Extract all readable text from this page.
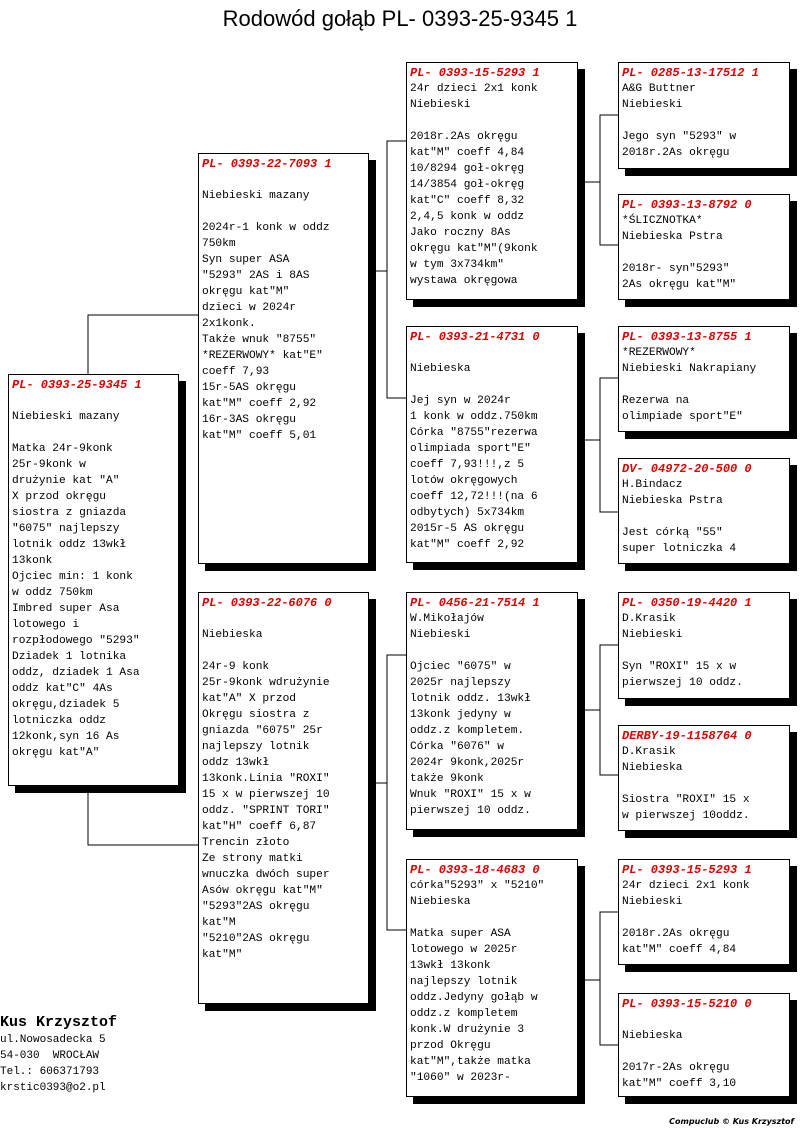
Rodowód gołąb PL- 0393-25-9345 1
PL- 0393-25-9345 1

Niebieski mazany

Matka 24r-9konk
25r-9konk w
drużynie kat "A"
X przod okręgu
siostra z gniazda
"6075" najlepszy
lotnik oddz 13wkł
13konk
Ojciec min: 1 konk
w oddz 750km
Imbred super Asa
lotowego i
rozpłodowego "5293"
Dziadek 1 lotnika
oddz, dziadek 1 Asa
oddz kat"C" 4As
okręgu,dziadek 5
lotniczka oddz
12konk,syn 16 As
okręgu kat"A"
PL- 0393-22-7093 1

Niebieski mazany

2024r-1 konk w oddz
750km
Syn super ASA
"5293" 2AS i 8AS
okręgu kat"M"
dzieci w 2024r
2x1konk.
Także wnuk "8755"
*REZERWOWY* kat"E"
coeff 7,93
15r-5AS okręgu
kat"M" coeff 2,92
16r-3AS okręgu
kat"M" coeff 5,01
PL- 0393-22-6076 0

Niebieska

24r-9 konk
25r-9konk wdrużynie
kat"A" X przod
Okręgu siostra z
gniazda "6075" 25r
najlepszy lotnik
oddz 13wkł
13konk.Linia "ROXI"
15 x w pierwszej 10
oddz. "SPRINT TORI"
kat"H" coeff 6,87
Trencin złoto
Ze strony matki
wnuczka dwóch super
Asów okręgu kat"M"
"5293"2AS okręgu
kat"M
"5210"2AS okręgu
kat"M"
PL- 0393-15-5293 1
24r dzieci 2x1 konk
Niebieski

2018r.2As okręgu
kat"M" coeff 4,84
10/8294 goł-okręg
14/3854 goł-okręg
kat"C" coeff 8,32
2,4,5 konk w oddz
Jako roczny 8As
okręgu kat"M"(9konk
w tym 3x734km"
wystawa okręgowa
PL- 0393-21-4731 0

Niebieska

Jej syn w 2024r
1 konk w oddz.750km
Córka "8755"rezerwa
olimpiada sport"E"
coeff 7,93!!!,z 5
lotów okręgowych
coeff 12,72!!!(na 6
odbytych) 5x734km
2015r-5 AS okręgu
kat"M" coeff 2,92
PL- 0456-21-7514 1
W.Mikołajów
Niebieski

Ojciec "6075" w
2025r najlepszy
lotnik oddz. 13wkł
13konk jedyny w
oddz.z kompletem.
Córka "6076" w
2024r 9konk,2025r
także 9konk
Wnuk "ROXI" 15 x w
pierwszej 10 oddz.
PL- 0393-18-4683 0
córka"5293" x "5210"
Niebieska

Matka super ASA
lotowego w 2025r
13wkł 13konk
najlepszy lotnik
oddz.Jedyny gołąb w
oddz.z kompletem
konk.W drużynie 3
przod Okręgu
kat"M",także matka
"1060" w 2023r-
PL- 0285-13-17512 1
A&G Buttner
Niebieski

Jego syn "5293" w
2018r.2As okręgu
PL- 0393-13-8792 0
*ŚLICZNOTKA*
Niebieska Pstra

2018r- syn"5293"
2As okręgu kat"M"
PL- 0393-13-8755 1
*REZERWOWY*
Niebieski Nakrapiany

Rezerwa na
olimpiade sport"E"
DV- 04972-20-500 0
H.Bindacz
Niebieska Pstra

Jest córką "55"
super lotniczka 4
PL- 0350-19-4420 1
D.Krasik
Niebieski

Syn "ROXI" 15 x w
pierwszej 10 oddz.
DERBY-19-1158764 0
D.Krasik
Niebieska

Siostra "ROXI" 15 x
w pierwszej 10oddz.
PL- 0393-15-5293 1
24r dzieci 2x1 konk
Niebieski

2018r.2As okręgu
kat"M" coeff 4,84
PL- 0393-15-5210 0

Niebieska

2017r-2As okręgu
kat"M" coeff 3,10
Kus Krzysztof
ul.Nowosadecka 5
54-030  WROCŁAW
Tel.: 606371793
krstic0393@o2.pl
Compuclub © Kus Krzysztof
